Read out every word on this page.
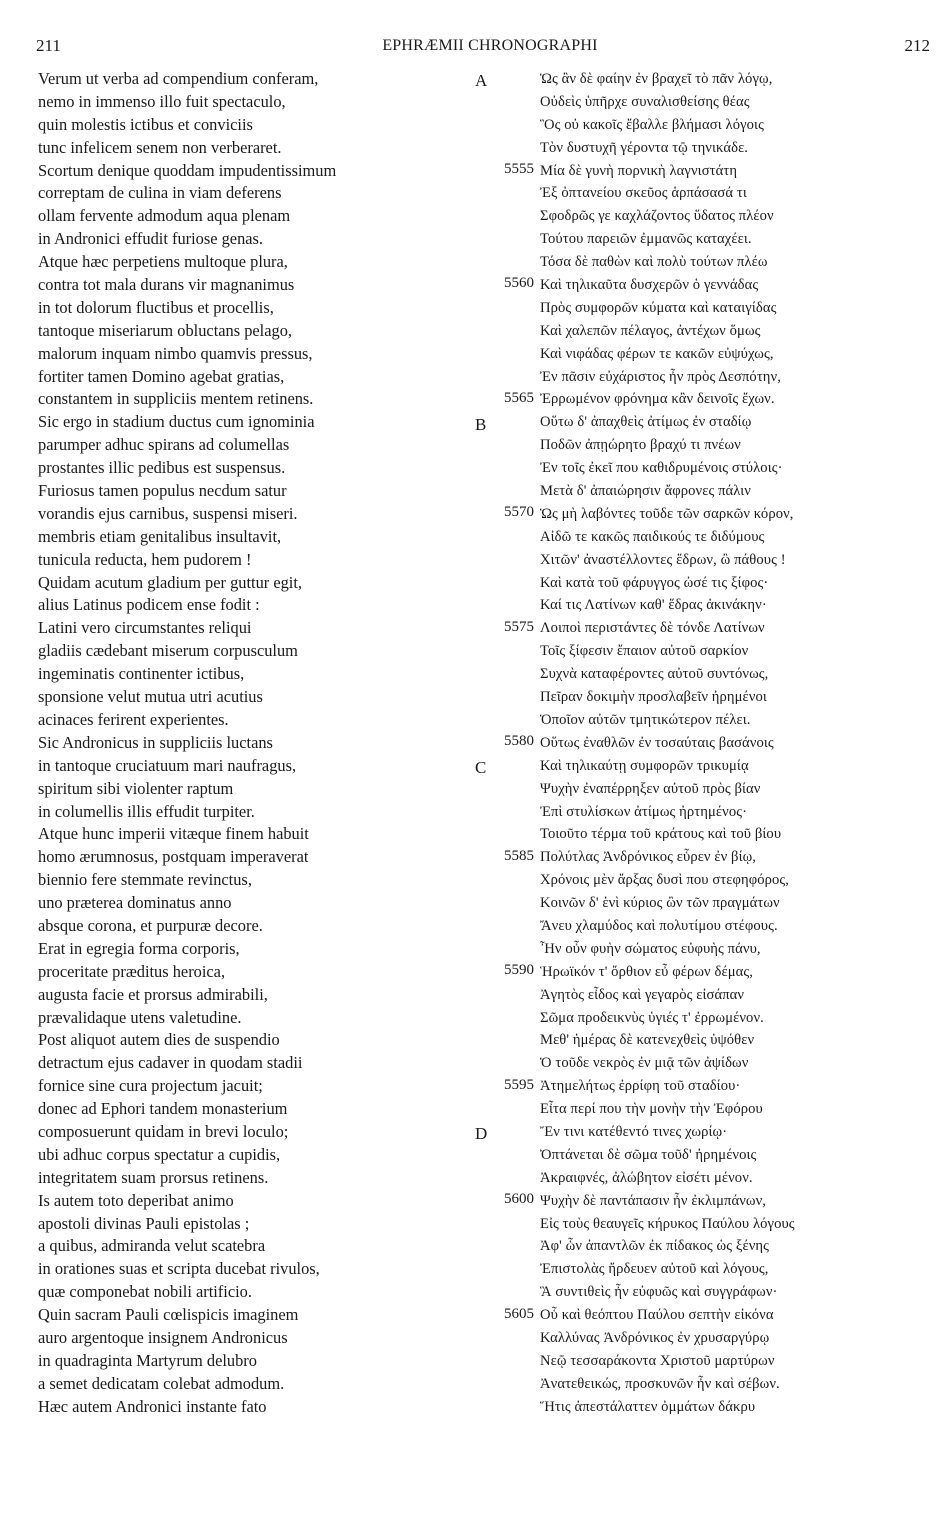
211	EPHRÆMII CHRONOGRAPHI	212
Verum ut verba ad compendium conferam,
nemo in immenso illo fuit spectaculo,
quin molestis ictibus et conviciis
tunc infelicem senem non verberaret.
Scortum denique quoddam impudentissimum
correptam de culina in viam deferens
ollam ferventе admodum aqua plenam
in Andronici effudit furiose genas.
Atque hæc perpetiens multoque plura,
contra tot mala durans vir magnanimus
in tot dolorum fluctibus et procellis,
tantoque miseriarum obluctans pelago,
malorum inquam nimbo quamvis pressus,
fortiter tamen Domino agebat gratias,
constantem in suppliciis mentem retinens.
Sic ergo in stadium ductus cum ignominia
parumper adhuc spirans ad columellas
prostantes illic pedibus est suspensus.
Furiosus tamen populus necdum satur
vorandis ejus carnibus, suspensi miseri.
membris etiam genitalibus insultavit,
tunicula reducta, hem pudorem !
Quidam acutum gladium per guttur egit,
alius Latinus podicem ense fodit :
Latini vero circumstantes reliqui
gladiis cædebant miserum corpusculum
ingeminatis continenter ictibus,
sponsione velut mutua utri acutius
acinaces ferirent experientes.
Sic Andronicus in suppliciis luctans
in tantoque cruciatuum mari naufragus,
spiritum sibi violenter raptum
in columellis illis effudit turpiter.
Atque hunc imperii vitæque finem habuit
homo ærumnosus, postquam imperaverat
biennio fere stemmate revinctus,
uno præterea dominatus anno
absque corona, et purpuræ decore.
Erat in egregia forma corporis,
proceritate præditus heroica,
augusta facie et prorsus admirabili,
prævalidaque utens valetudine.
Post aliquot autem dies de suspendio
detractum ejus cadaver in quodam stadii
fornice sine cura projectum jacuit;
donec ad Ephori tandem monasterium
composuerunt quidam in brevi loculo;
ubi adhuc corpus spectatur a cupidis,
integritatem suam prorsus retinens.
Is autem toto deperibat animo
apostoli divinas Pauli epistolas ;
a quibus, admiranda velut scatebra
in orationes suas et scripta ducebat rivulos,
quæ componebat nobili artificio.
Quin sacram Pauli cœlispicis imaginem
auro argentoque insignem Andronicus
in quadraginta Martyrum delubro
a semet dedicatam colebat admodum.
Hæc autem Andronici instante fato
Ὡς ἂν δὲ φαίην ἐν βραχεῖ τὸ πᾶν λόγῳ,
Οὐδεὶς ὑπῆρχε συναλισθείσης θέας
Ὃς οὐ κακοῖς ἔβαλλε βλήμασι λόγοις
Τὸν δυστυχῆ γέροντα τῷ τηνικάδε.
Μία δὲ γυνὴ πορνικὴ λαγνιστάτη
Ἐξ ὀπτανείου σκεῦος ἁρπάσασά τι
Σφοδρῶς γε καχλάζοντος ὕδατος πλέον
Τούτου παρειῶν ἐμμανῶς καταχέει.
Τόσα δὲ παθὼν καὶ πολὺ τούτων πλέω
Καὶ τηλικαῦτα δυσχερῶν ὁ γεννάδας
Πρὸς συμφορῶν κύματα καὶ καταιγίδας
Καὶ χαλεπῶν πέλαγος, ἀντέχων ὅμως
Καὶ νιφάδας φέρων τε κακῶν εὐψύχως,
Ἐν πᾶσιν εὐχάριστος ἦν πρὸς Δεσπότην,
Ἐρρωμένον φρόνημα κἂν δεινοῖς ἔχων.
Οὕτω δ' ἀπαχθεὶς ἀτίμως ἐν σταδίῳ
Ποδῶν ἀπῃώρητο βραχύ τι πνέων
Ἐν τοῖς ἐκεῖ που καθιδρυμένοις στύλοις·
Μετὰ δ' ἀπαιώρησιν ἄφρονες πάλιν
Ὡς μὴ λαβόντες τοῦδε τῶν σαρκῶν κόρον,
Αἰδῶ τε κακῶς παιδικούς τε διδύμους
Χιτῶν' ἀναστέλλοντες ἕδρων, ὢ πάθους !
Καὶ κατὰ τοῦ φάρυγγος ὠσέ τις ξίφος·
Καί τις Λατίνων καθ' ἕδρας ἀκινάκην·
Λοιποὶ περιστάντες δὲ τόνδε Λατίνων
Τοῖς ξίφεσιν ἔπαιον αὐτοῦ σαρκίον
Συχνὰ καταφέροντες αὐτοῦ συντόνως,
Πεῖραν δοκιμὴν προσλαβεῖν ἠρημένοι
Ὁποῖον αὐτῶν τμητικώτερον πέλει.
Οὕτως ἐναθλῶν ἐν τοσαύταις βασάνοις
Καὶ τηλικαύτῃ συμφορῶν τρικυμίᾳ
Ψυχὴν ἐναπέρρηξεν αὐτοῦ πρὸς βίαν
Ἐπὶ στυλίσκων ἀτίμως ἠρτημένος·
Τοιοῦτο τέρμα τοῦ κράτους καὶ τοῦ βίου
Πολύτλας Ἀνδρόνικος εὗρεν ἐν βίῳ,
Χρόνοις μὲν ἄρξας δυσὶ που στεφηφόρος,
Κοινῶν δ' ἑνὶ κύριος ὢν τῶν πραγμάτων
Ἄνευ χλαμύδος καὶ πολυτίμου στέφους.
Ἦν οὖν φυὴν σώματος εὐφυὴς πάνυ,
Ἡρωϊκόν τ' ὄρθιον εὖ φέρων δέμας,
Ἀγητὸς εἶδος καὶ γεγαρὸς εἰσάπαν
Σῶμα προδεικνὺς ὑγιές τ' ἐρρωμένον.
Μεθ' ἡμέρας δὲ κατενεχθεὶς ὑψόθεν
Ὁ τοῦδε νεκρὸς ἐν μιᾷ τῶν ἀψίδων
Ἀτημελήτως ἐρρίφη τοῦ σταδίου·
Εἶτα περί που τὴν μονὴν τὴν Ἐφόρου
Ἔν τινι κατέθεντό τινες χωρίῳ·
Ὀπτάνεται δὲ σῶμα τοῦδ' ἠρημένοις
Ἀκραιφνές, ἀλώβητον εἰσέτι μένον.
Ψυχὴν δὲ παντάπασιν ἦν ἐκλιμπάνων,
Εἰς τοὺς θεαυγεῖς κήρυκος Παύλου λόγους
Ἀφ' ὧν ἀπαντλῶν ἐκ πίδακος ὡς ξένης
Ἐπιστολὰς ἤρδευεν αὐτοῦ καὶ λόγους,
Ἃ συντιθεὶς ἦν εὐφυῶς καὶ συγγράφων·
Οὗ καὶ θεόπτου Παύλου σεπτὴν εἰκόνα
Καλλύνας Ἀνδρόνικος ἐν χρυσαργύρῳ
Νεῷ τεσσαράκοντα Χριστοῦ μαρτύρων
Ἀνατεθεικώς, προσκυνῶν ἦν καὶ σέβων.
Ἥτις ἀπεστάλαττεν ὀμμάτων δάκρυ
A
B
C
D
5555
5560
5565
5570
5575
5580
5585
5590
5595
5600
5605
